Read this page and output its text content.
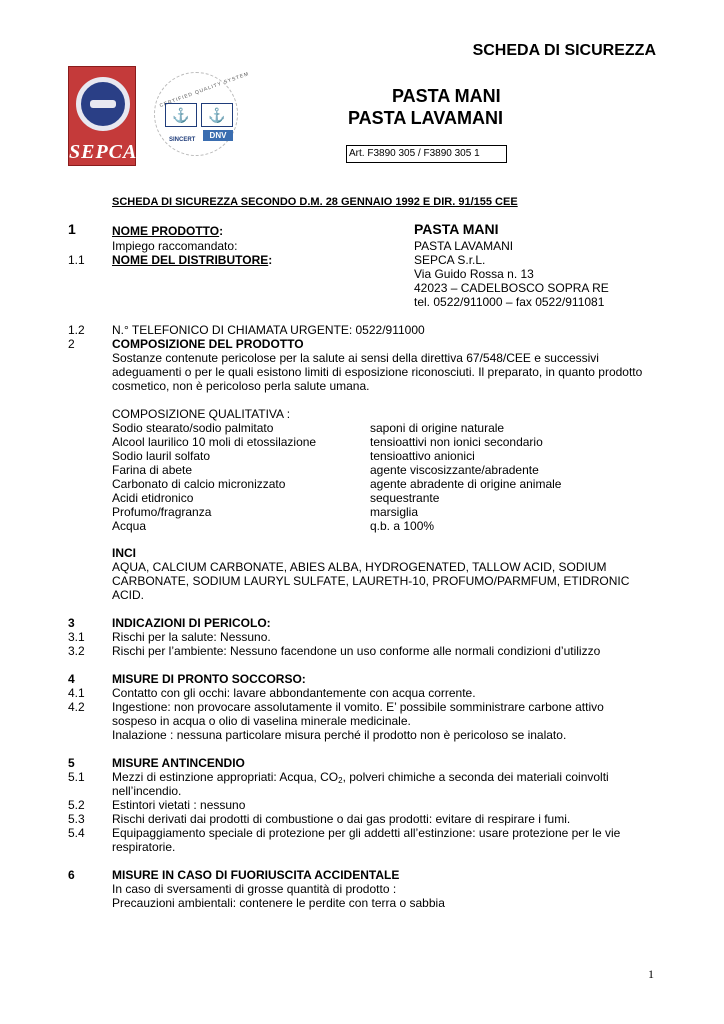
SCHEDA DI SICUREZZA
SEPCA
CERTIFIED QUALITY SYSTEM
⚓	⚓
SINCERT	DNV
PASTA MANI
PASTA LAVAMANI
Art. F3890 305 / F3890 305 1
SCHEDA DI SICUREZZA SECONDO D.M. 28 GENNAIO 1992 E DIR. 91/155 CEE
1	NOME PRODOTTO:	PASTA MANI
Impiego raccomandato:	PASTA LAVAMANI
1.1 NOME DEL DISTRIBUTORE:	SEPCA S.r.L.
Via Guido Rossa n. 13
42023 – CADELBOSCO SOPRA RE
tel. 0522/911000 – fax 0522/911081
1.2 N.° TELEFONICO DI CHIAMATA URGENTE: 0522/911000
2	COMPOSIZIONE DEL PRODOTTO
Sostanze contenute pericolose per la salute ai sensi della direttiva 67/548/CEE e successivi
adeguamenti o per le quali esistono limiti di esposizione riconosciuti. Il preparato, in quanto prodotto
cosmetico, non è pericoloso perla salute umana.
COMPOSIZIONE QUALITATIVA :
Sodio stearato/sodio palmitato	saponi di origine naturale
Alcool laurilico 10 moli di etossilazione	tensioattivi non ionici secondario
Sodio lauril solfato	tensioattivo anionici
Farina di abete	agente viscosizzante/abradente
Carbonato di calcio micronizzato	agente abradente di origine animale
Acidi etidronico	sequestrante
Profumo/fragranza	marsiglia
Acqua	q.b. a 100%
INCI
AQUA, CALCIUM CARBONATE, ABIES ALBA, HYDROGENATED, TALLOW ACID, SODIUM
CARBONATE, SODIUM LAURYL SULFATE, LAURETH-10, PROFUMO/PARMFUM, ETIDRONIC
ACID.
3	INDICAZIONI DI PERICOLO:
3.1 Rischi per la salute: Nessuno.
3.2 Rischi per l’ambiente: Nessuno facendone un uso conforme alle normali condizioni d’utilizzo
4	MISURE DI PRONTO SOCCORSO:
4.1 Contatto con gli occhi: lavare abbondantemente con acqua corrente.
4.2 Ingestione: non provocare assolutamente il vomito. E’ possibile somministrare carbone attivo
sospeso in acqua o olio di vaselina minerale medicinale.
Inalazione : nessuna particolare misura perché il prodotto non è pericoloso se inalato.
5	MISURE ANTINCENDIO
5.1 Mezzi di estinzione appropriati: Acqua, CO2, polveri chimiche a seconda dei materiali coinvolti
nell’incendio.
5.2 Estintori vietati : nessuno
5.3 Rischi derivati dai prodotti di combustione o dai gas prodotti: evitare di respirare i fumi.
5.4 Equipaggiamento speciale di protezione per gli addetti all’estinzione: usare protezione per le vie
respiratorie.
6	MISURE IN CASO DI FUORIUSCITA ACCIDENTALE
In caso di sversamenti di grosse quantità di prodotto :
Precauzioni ambientali: contenere le perdite con terra o sabbia
1
